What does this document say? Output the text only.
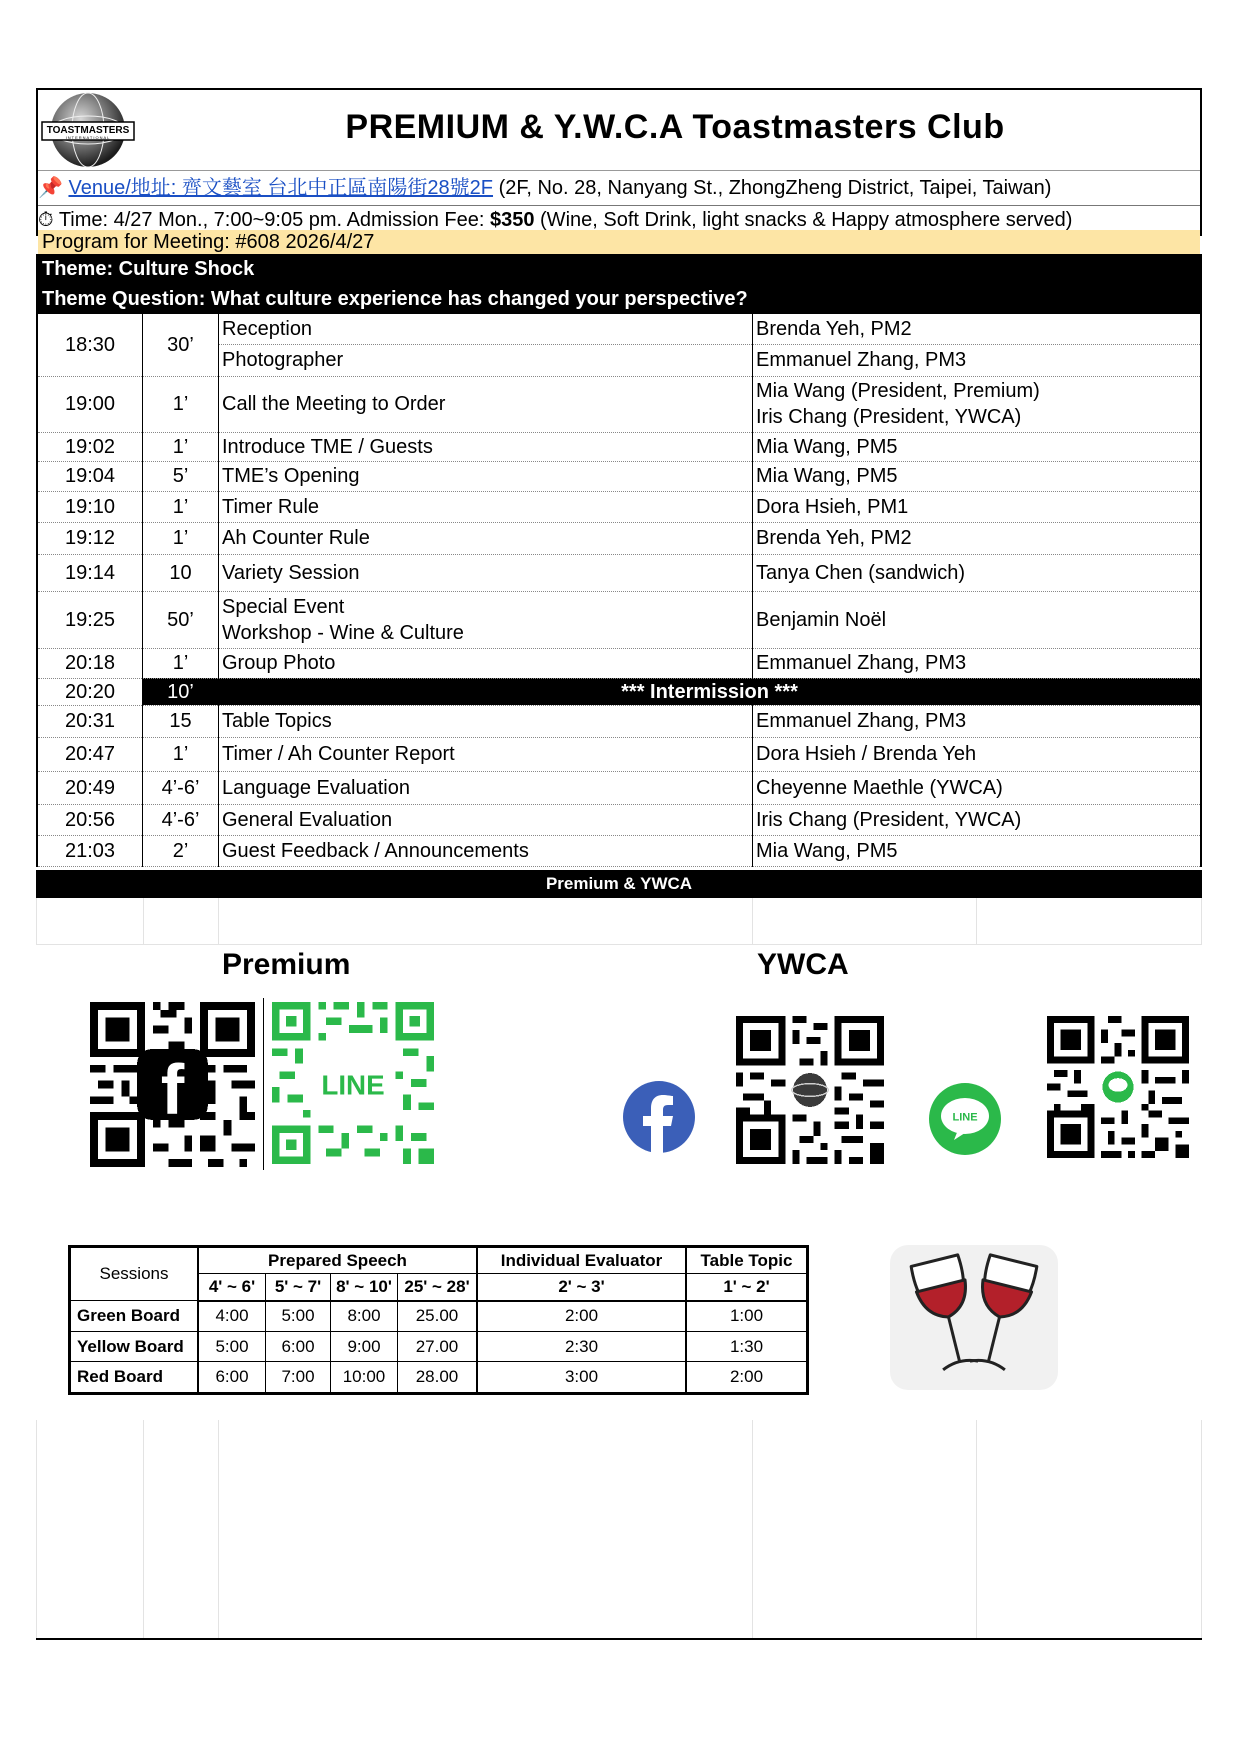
TOASTMASTERS
INTERNATIONAL	PREMIUM & Y.W.C.A Toastmasters Club
📌 Venue/地址: 齊文藝室 台北中正區南陽街28號2F (2F, No. 28, Nanyang St., ZhongZheng District, Taipei, Taiwan)
⏱ Time: 4/27 Mon., 7:00~9:05 pm. Admission Fee: $350 (Wine, Soft Drink, light snacks & Happy atmosphere served)
Program for Meeting: #608 2026/4/27
Theme: Culture Shock
Theme Question: What culture experience has changed your perspective?
18:30	30’	Reception	Brenda Yeh, PM2
		Photographer	Emmanuel Zhang, PM3
19:00	1’	Call the Meeting to Order	Mia Wang (President, Premium)
Iris Chang (President, YWCA)

19:02	1’	Introduce TME / Guests	Mia Wang, PM5
19:04	5’	TME’s Opening	Mia Wang, PM5
19:10	1’	Timer Rule	Dora Hsieh, PM1
19:12	1’	Ah Counter Rule	Brenda Yeh, PM2
19:14	10	Variety Session	Tanya Chen (sandwich)
19:25	50’	Special Event
Workshop - Wine & Culture	Benjamin Noël
20:18	1’	Group Photo	Emmanuel Zhang, PM3
20:20	10’	*** Intermission ***	
20:31	15	Table Topics	Emmanuel Zhang, PM3
20:47	1’	Timer / Ah Counter Report	Dora Hsieh / Brenda Yeh
20:49	4’-6’	Language Evaluation	Cheyenne Maethle (YWCA)
20:56	4’-6’	General Evaluation	Iris Chang (President, YWCA)
21:03	2’	Guest Feedback / Announcements	Mia Wang, PM5
Premium & YWCA
Premium	YWCA
f	LINE
LINE
Sessions	Prepared Speech				Individual Evaluator	Table Topic
	4' ~ 6'	5' ~ 7'	8' ~ 10'	25' ~ 28'	2' ~ 3'	1' ~ 2'
Green Board	4:00	5:00	8:00	25.00	2:00	1:00
Yellow Board	5:00	6:00	9:00	27.00	2:30	1:30
Red Board	6:00	7:00	10:00	28.00	3:00	2:00
